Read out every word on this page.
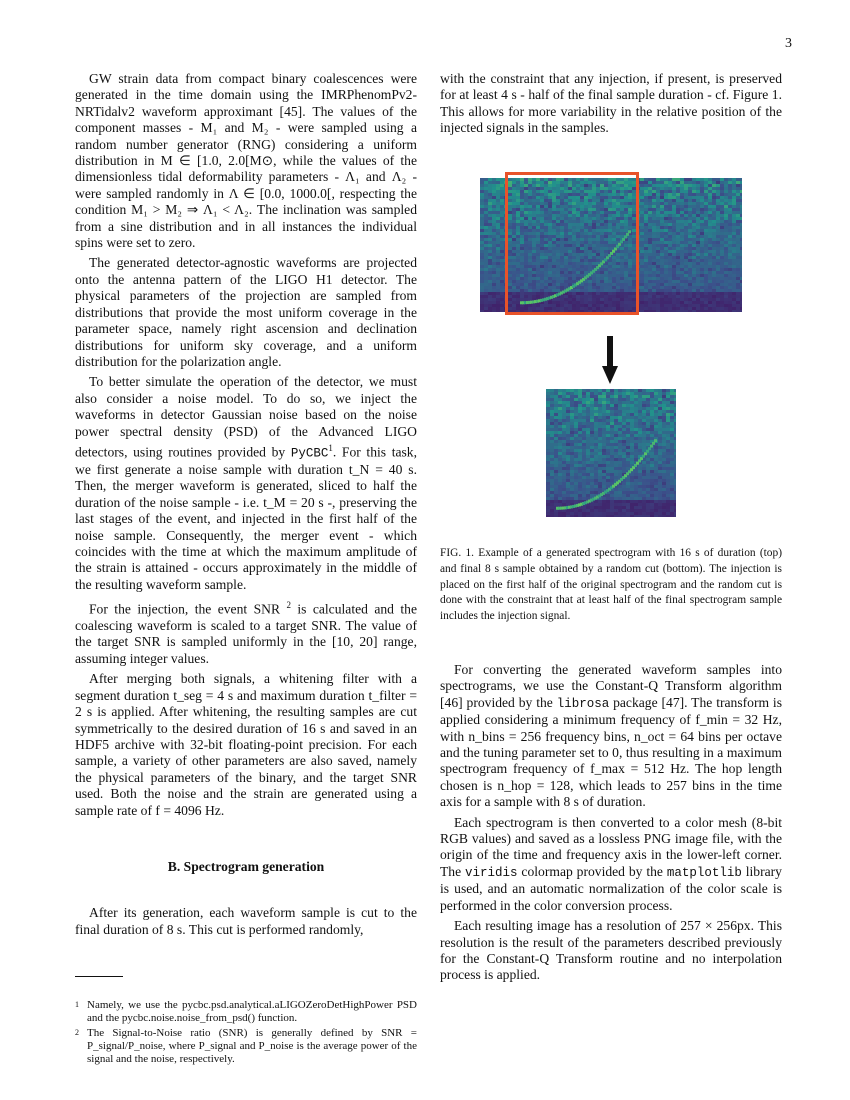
3

GW strain data from compact binary coalescences were generated in the time domain using the IMRPhenomPv2-NRTidalv2 waveform approximant [45]. The values of the component masses - M₁ and M₂ - were sampled using a random number generator (RNG) considering a uniform distribution in M ∈ [1.0, 2.0[M⊙, while the values of the dimensionless tidal deformability parameters - Λ₁ and Λ₂ - were sampled randomly in Λ ∈ [0.0, 1000.0[, respecting the condition M₁ > M₂ ⇒ Λ₁ < Λ₂. The inclination was sampled from a sine distribution and in all instances the individual spins were set to zero.

The generated detector-agnostic waveforms are projected onto the antenna pattern of the LIGO H1 detector. The physical parameters of the projection are sampled from distributions that provide the most uniform coverage in the parameter space, namely right ascension and declination distributions for uniform sky coverage, and a uniform distribution for the polarization angle.

To better simulate the operation of the detector, we must also consider a noise model. To do so, we inject the waveforms in detector Gaussian noise based on the noise power spectral density (PSD) of the Advanced LIGO detectors, using routines provided by PyCBC$^1$. For this task, we first generate a noise sample with duration t_N = 40 s. Then, the merger waveform is generated, sliced to half the duration of the noise sample - i.e. t_M = 20 s -, preserving the last stages of the event, and injected in the first half of the noise sample. Consequently, the merger event - which coincides with the time at which the maximum amplitude of the strain is attained - occurs approximately in the middle of the resulting waveform sample.

For the injection, the event SNR $^2$ is calculated and the coalescing waveform is scaled to a target SNR. The value of the target SNR is sampled uniformly in the [10, 20] range, assuming integer values.

After merging both signals, a whitening filter with a segment duration t_seg = 4 s and maximum duration t_filter = 2 s is applied. After whitening, the resulting samples are cut symmetrically to the desired duration of 16 s and saved in an HDF5 archive with 32-bit floating-point precision. For each sample, a variety of other parameters are also saved, namely the physical parameters of the binary, and the target SNR used. Both the noise and the strain are generated using a sample rate of f = 4096 Hz.

B. Spectrogram generation

After its generation, each waveform sample is cut to the final duration of 8 s. This cut is performed randomly,

1 Namely, we use the pycbc.psd.analytical.aLIGOZeroDetHighPower PSD and the pycbc.noise.noise_from_psd() function.

2 The Signal-to-Noise ratio (SNR) is generally defined by SNR = P_signal/P_noise, where P_signal and P_noise is the average power of the signal and the noise, respectively.

with the constraint that any injection, if present, is preserved for at least 4 s - half of the final sample duration - cf. Figure 1. This allows for more variability in the relative position of the injected signals in the samples.

FIG. 1. Example of a generated spectrogram with 16 s of duration (top) and final 8 s sample obtained by a random cut (bottom). The injection is placed on the first half of the original spectrogram and the random cut is done with the constraint that at least half of the final spectrogram sample includes the injection signal.

For converting the generated waveform samples into spectrograms, we use the Constant-Q Transform algorithm [46] provided by the librosa package [47]. The transform is applied considering a minimum frequency of f_min = 32 Hz, with n_bins = 256 frequency bins, n_oct = 64 bins per octave and the tuning parameter set to 0, thus resulting in a maximum spectrogram frequency of f_max = 512 Hz. The hop length chosen is n_hop = 128, which leads to 257 bins in the time axis for a sample with 8 s of duration.

Each spectrogram is then converted to a color mesh (8-bit RGB values) and saved as a lossless PNG image file, with the origin of the time and frequency axis in the lower-left corner. The viridis colormap provided by the matplotlib library is used, and an automatic normalization of the color scale is performed in the color conversion process.

Each resulting image has a resolution of 257 × 256px. This resolution is the result of the parameters described previously for the Constant-Q Transform routine and no interpolation process is applied.
